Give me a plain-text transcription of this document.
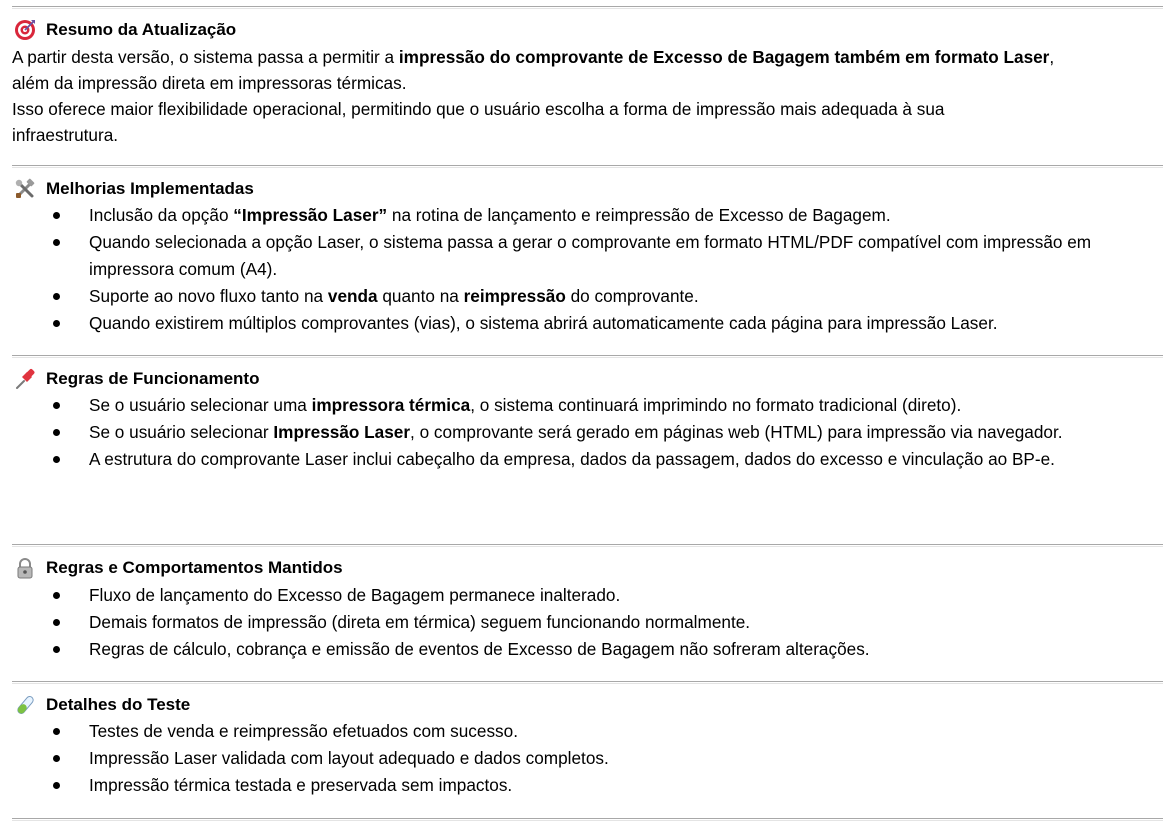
Resumo da Atualização
A partir desta versão, o sistema passa a permitir a impressão do comprovante de Excesso de Bagagem também em formato Laser,
além da impressão direta em impressoras térmicas.
Isso oferece maior flexibilidade operacional, permitindo que o usuário escolha a forma de impressão mais adequada à sua
infraestrutura.
Melhorias Implementadas
Inclusão da opção “Impressão Laser” na rotina de lançamento e reimpressão de Excesso de Bagagem.
Quando selecionada a opção Laser, o sistema passa a gerar o comprovante em formato HTML/PDF compatível com impressão em impressora comum (A4).
Suporte ao novo fluxo tanto na venda quanto na reimpressão do comprovante.
Quando existirem múltiplos comprovantes (vias), o sistema abrirá automaticamente cada página para impressão Laser.
Regras de Funcionamento
Se o usuário selecionar uma impressora térmica, o sistema continuará imprimindo no formato tradicional (direto).
Se o usuário selecionar Impressão Laser, o comprovante será gerado em páginas web (HTML) para impressão via navegador.
A estrutura do comprovante Laser inclui cabeçalho da empresa, dados da passagem, dados do excesso e vinculação ao BP-e.
Regras e Comportamentos Mantidos
Fluxo de lançamento do Excesso de Bagagem permanece inalterado.
Demais formatos de impressão (direta em térmica) seguem funcionando normalmente.
Regras de cálculo, cobrança e emissão de eventos de Excesso de Bagagem não sofreram alterações.
Detalhes do Teste
Testes de venda e reimpressão efetuados com sucesso.
Impressão Laser validada com layout adequado e dados completos.
Impressão térmica testada e preservada sem impactos.
